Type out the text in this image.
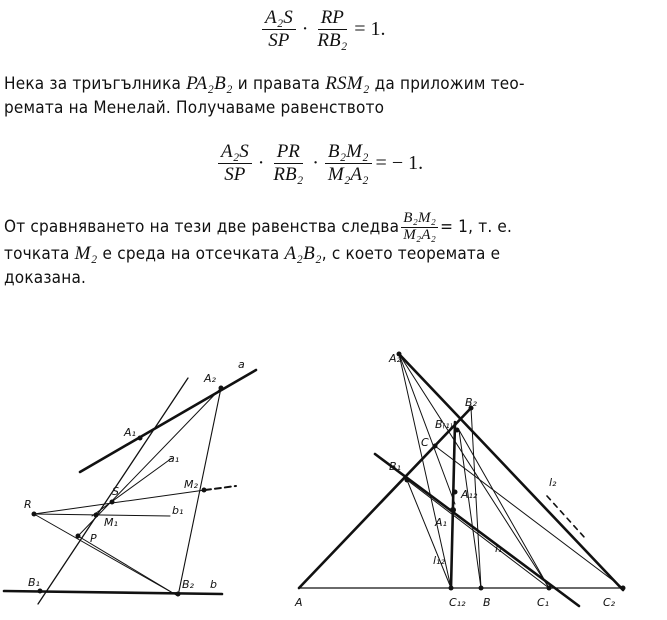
$\frac{\text{A₂S}}{SP} \cdot \frac{RP}{\text{RB₂}} = 1$.
Нека за триъгълника PA₂B₂ и правата RSM₂ да приложим тео-
ремата на Менелай. Получаваме равенството
$\frac{\text{A₂S}}{SP} \cdot \frac{PR}{\text{RB₂}} \cdot \frac{\text{B₂M₂}}{\text{M₂A₂}}$ = − 1.
От сравняването на тези две равенства следва $\frac{\text{B₂M₂}}{\text{M₂A₂}} = 1$, т. е.
точката M₂ е среда на отсечката A₂B₂, с което теоремата е
доказана.
a
A₂
A₁
a₁
M₂
S
R
M₁
b₁
P
B₁	B₂ b
A₂
B₂
B₍₁₎
C
B₁
A₁₂
A₁
l₂
l₁
l₁₂
A	C₁₂ B	C₁	C₂
